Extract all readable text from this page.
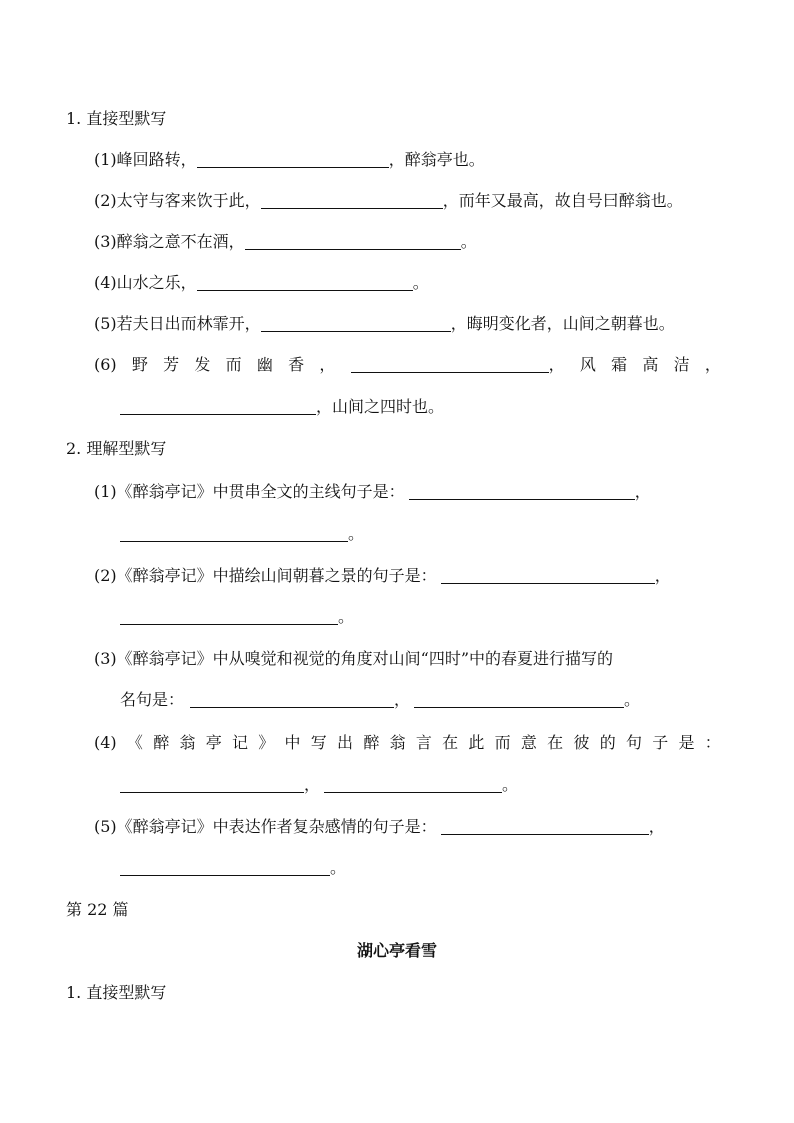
1. 直接型默写
(1)峰回路转，	，醉翁亭也。
(2)太守与客来饮于此，	，而年又最高，故自号曰醉翁也。
(3)醉翁之意不在酒，	。
(4)山水之乐，	。
(5)若夫日出而林霏开，	，晦明变化者，山间之朝暮也。
(6) 野 芳 发 而 幽 香 ，	， 风 霜 高 洁 ，
，山间之四时也。
2. 理解型默写
(1)《醉翁亭记》中贯串全文的主线句子是：	，
。
(2)《醉翁亭记》中描绘山间朝暮之景的句子是：	，
。
(3)《醉翁亭记》中从嗅觉和视觉的角度对山间“四时”中的春夏进行描写的
名句是：	，	。
(4) 《 醉 翁 亭 记 》 中 写 出 醉 翁 言 在 此 而 意 在 彼 的 句 子 是 ：
，	。
(5)《醉翁亭记》中表达作者复杂感情的句子是：	，
。
第 22 篇
湖心亭看雪
1. 直接型默写
